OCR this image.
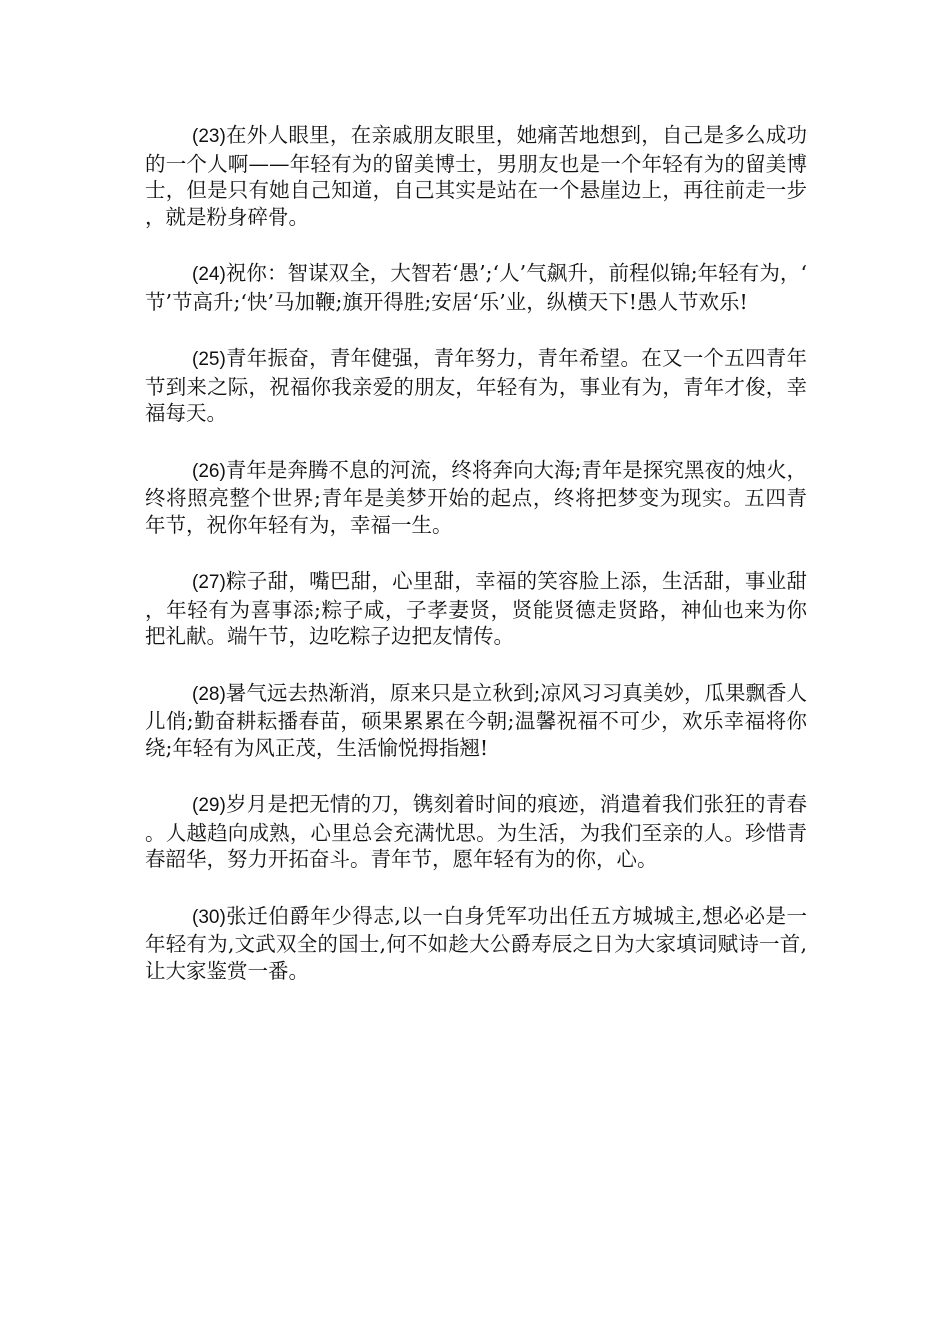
(23)在外人眼里，在亲戚朋友眼里，她痛苦地想到，自己是多么成功的一个人啊——年轻有为的留美博士，男朋友也是一个年轻有为的留美博士，但是只有她自己知道，自己其实是站在一个悬崖边上，再往前走一步，就是粉身碎骨。

(24)祝你：智谋双全，大智若‘愚’;‘人’气飙升，前程似锦;年轻有为，‘节’节高升;‘快’马加鞭;旗开得胜;安居‘乐’业，纵横天下!愚人节欢乐!

(25)青年振奋，青年健强，青年努力，青年希望。在又一个五四青年节到来之际，祝福你我亲爱的朋友，年轻有为，事业有为，青年才俊，幸福每天。

(26)青年是奔腾不息的河流，终将奔向大海;青年是探究黑夜的烛火，终将照亮整个世界;青年是美梦开始的起点，终将把梦变为现实。五四青年节，祝你年轻有为，幸福一生。

(27)粽子甜，嘴巴甜，心里甜，幸福的笑容脸上添，生活甜，事业甜，年轻有为喜事添;粽子咸，子孝妻贤，贤能贤德走贤路，神仙也来为你把礼献。端午节，边吃粽子边把友情传。

(28)暑气远去热渐消，原来只是立秋到;凉风习习真美妙，瓜果飘香人儿俏;勤奋耕耘播春苗，硕果累累在今朝;温馨祝福不可少，欢乐幸福将你绕;年轻有为风正茂，生活愉悦拇指翘!

(29)岁月是把无情的刀，镌刻着时间的痕迹，消遣着我们张狂的青春。人越趋向成熟，心里总会充满忧思。为生活，为我们至亲的人。珍惜青春韶华，努力开拓奋斗。青年节，愿年轻有为的你，心。

(30)张迁伯爵年少得志,以一白身凭军功出任五方城城主,想必必是一年轻有为,文武双全的国士,何不如趁大公爵寿辰之日为大家填词赋诗一首,让大家鉴赏一番。
